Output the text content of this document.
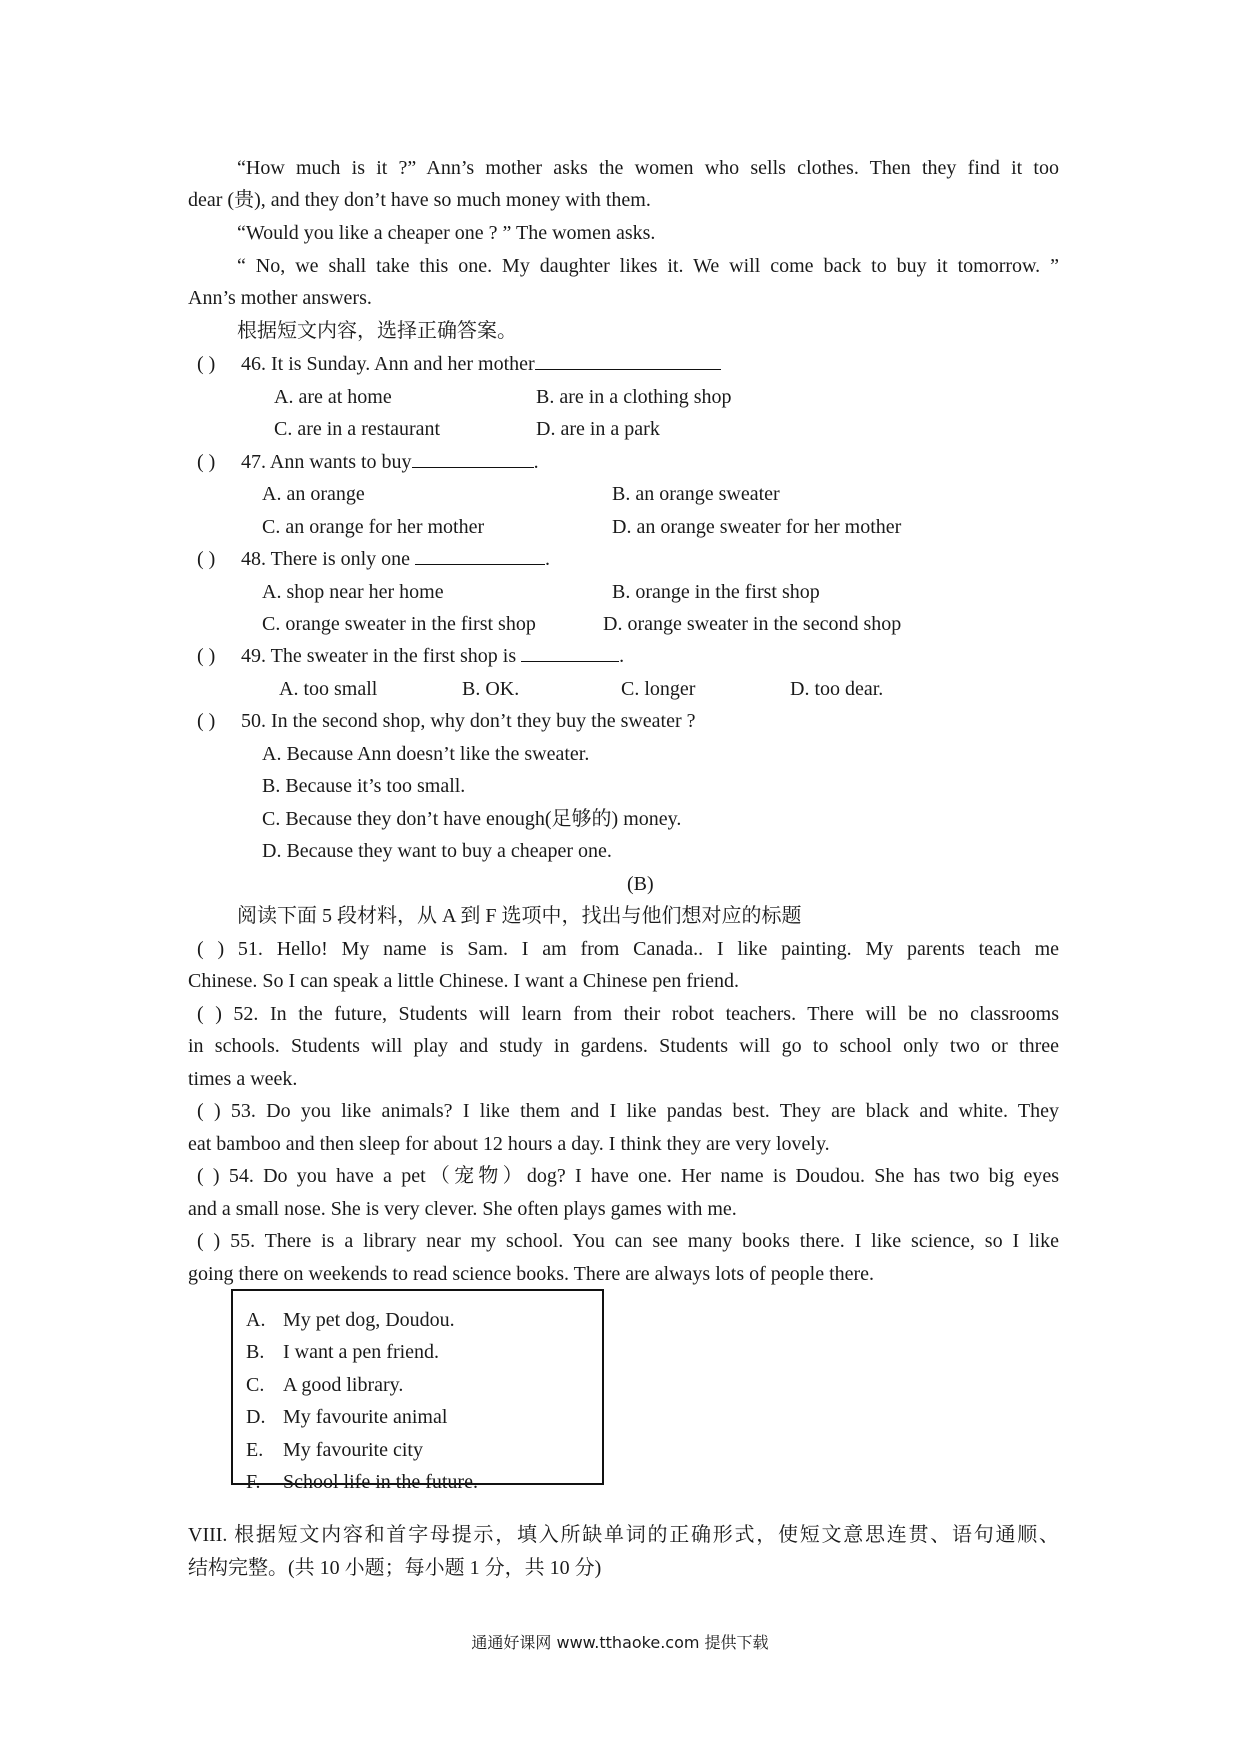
“How much is it ?” Ann’s mother asks the women who sells clothes. Then they find it too
dear (贵), and they don’t have so much money with them.
“Would you like a cheaper one ? ” The women asks.
“ No, we shall take this one. My daughter likes it. We will come back to buy it tomorrow. ”
Ann’s mother answers.
根据短文内容，选择正确答案。
( ) 46. It is Sunday. Ann and her mother
A. are at home	B. are in a clothing shop
C. are in a restaurant	D. are in a park
( ) 47. Ann wants to buy	.
A. an orange	B. an orange sweater
C. an orange for her mother	D. an orange sweater for her mother
( ) 48. There is only one	.
A. shop near her home	B. orange in the first shop
C. orange sweater in the first shop	D. orange sweater in the second shop
( ) 49. The sweater in the first shop is	.
A. too small	B. OK.	C. longer	D. too dear.
( ) 50. In the second shop, why don’t they buy the sweater ?
A. Because Ann doesn’t like the sweater.
B. Because it’s too small.
C. Because they don’t have enough(足够的) money.
D. Because they want to buy a cheaper one.
(B)
阅读下面 5 段材料，从 A 到 F 选项中，找出与他们想对应的标题
( ) 51. Hello! My name is Sam. I am from Canada.. I like painting. My parents teach me
Chinese. So I can speak a little Chinese. I want a Chinese pen friend.
( ) 52. In the future, Students will learn from their robot teachers. There will be no classrooms
in schools. Students will play and study in gardens. Students will go to school only two or three
times a week.
( ) 53. Do you like animals? I like them and I like pandas best. They are black and white. They
eat bamboo and then sleep for about 12 hours a day. I think they are very lovely.
( ) 54. Do you have a pet（宠物）dog? I have one. Her name is Doudou. She has two big eyes
and a small nose. She is very clever. She often plays games with me.
( ) 55. There is a library near my school. You can see many books there. I like science, so I like
going there on weekends to read science books. There are always lots of people there.
A. My pet dog, Doudou.
B. I want a pen friend.
C. A good library.
D. My favourite animal
E. My favourite city
F. School life in the future.
VIII. 根据短文内容和首字母提示，填入所缺单词的正确形式，使短文意思连贯、语句通顺、
结构完整。(共 10 小题；每小题 1 分，共 10 分)
通通好课网 www.tthaoke.com 提供下载
